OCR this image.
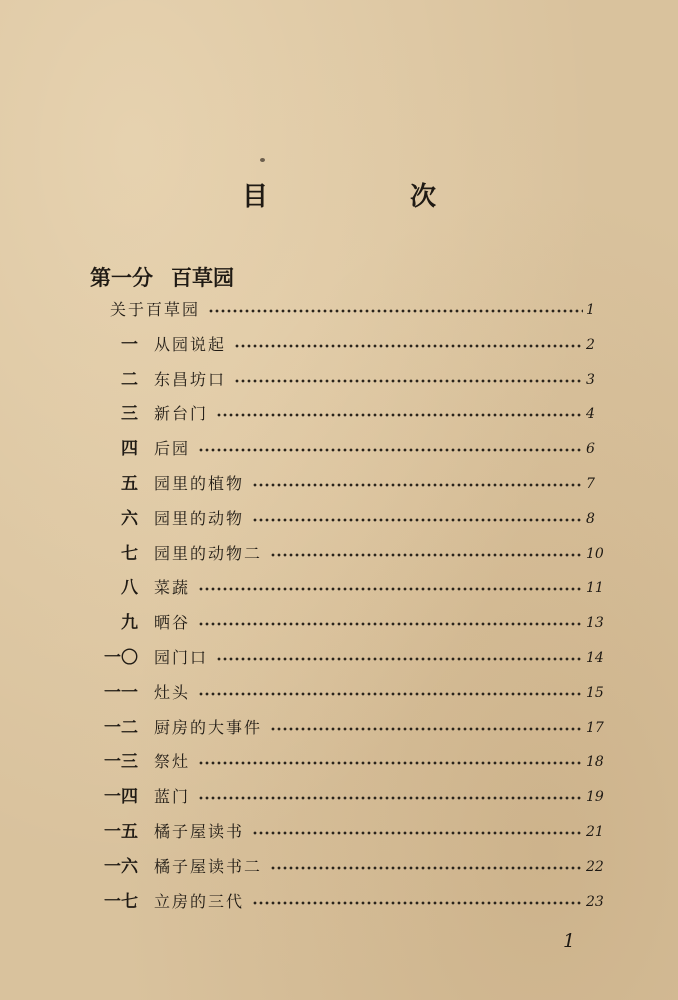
目　次
第一分 百草园
关于百草园	1
一 从园说起	2
二 东昌坊口	3
三 新台门	4
四 后园	6
五 园里的植物	7
六 园里的动物	8
七 园里的动物二	10
八 菜蔬	11
九 晒谷	13
一〇 园门口	14
一一 灶头	15
一二 厨房的大事件	17
一三 祭灶	18
一四 蓝门	19
一五 橘子屋读书	21
一六 橘子屋读书二	22
一七 立房的三代	23
1
